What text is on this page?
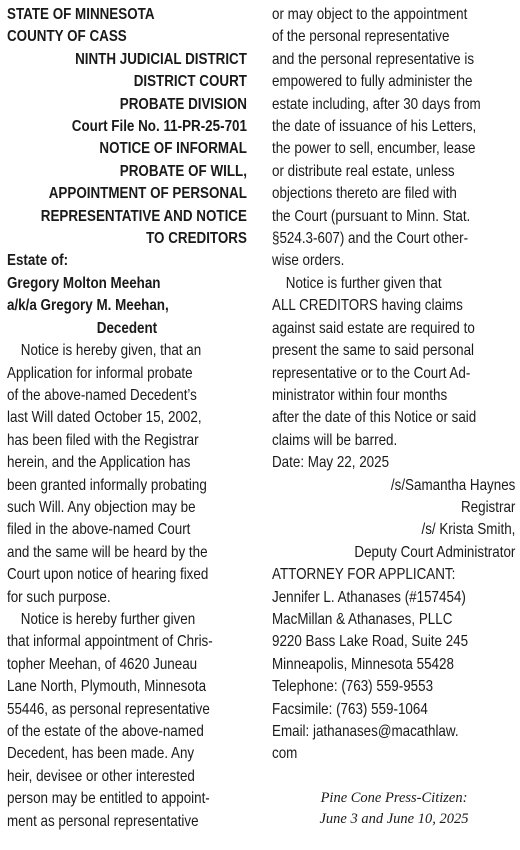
STATE OF MINNESOTA
COUNTY OF CASS
NINTH JUDICIAL DISTRICT
DISTRICT COURT
PROBATE DIVISION
Court File No. 11-PR-25-701
NOTICE OF INFORMAL
PROBATE OF WILL,
APPOINTMENT OF PERSONAL
REPRESENTATIVE AND NOTICE
TO CREDITORS
Estate of:
Gregory Molton Meehan
a/k/a Gregory M. Meehan,
Decedent
Notice is hereby given, that an
Application for informal probate
of the above-named Decedent’s
last Will dated October 15, 2002,
has been filed with the Registrar
herein, and the Application has
been granted informally probating
such Will. Any objection may be
filed in the above-named Court
and the same will be heard by the
Court upon notice of hearing fixed
for such purpose.
Notice is hereby further given
that informal appointment of Chris-
topher Meehan, of 4620 Juneau
Lane North, Plymouth, Minnesota
55446, as personal representative
of the estate of the above-named
Decedent, has been made. Any
heir, devisee or other interested
person may be entitled to appoint-
ment as personal representative
or may object to the appointment
of the personal representative
and the personal representative is
empowered to fully administer the
estate including, after 30 days from
the date of issuance of his Letters,
the power to sell, encumber, lease
or distribute real estate, unless
objections thereto are filed with
the Court (pursuant to Minn. Stat.
§524.3-607) and the Court other-
wise orders.
Notice is further given that
ALL CREDITORS having claims
against said estate are required to
present the same to said personal
representative or to the Court Ad-
ministrator within four months
after the date of this Notice or said
claims will be barred.
Date: May 22, 2025
/s/Samantha Haynes
Registrar
/s/ Krista Smith,
Deputy Court Administrator
ATTORNEY FOR APPLICANT:
Jennifer L. Athanases (#157454)
MacMillan & Athanases, PLLC
9220 Bass Lake Road, Suite 245
Minneapolis, Minnesota 55428
Telephone: (763) 559-9553
Facsimile: (763) 559-1064
Email: jathanases@macathlaw.
com
Pine Cone Press-Citizen:
June 3 and June 10, 2025
